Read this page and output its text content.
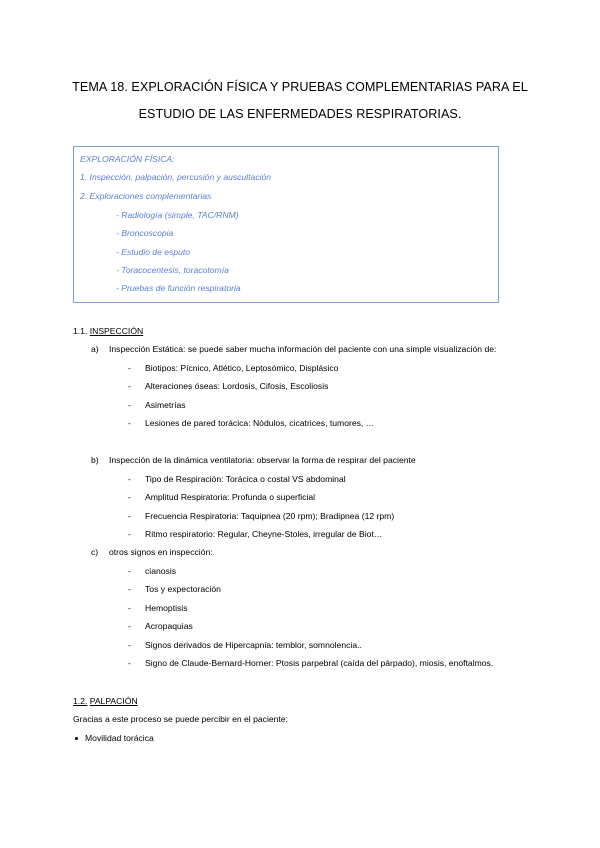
TEMA 18. EXPLORACIÓN FÍSICA Y PRUEBAS COMPLEMENTARIAS PARA EL
ESTUDIO DE LAS ENFERMEDADES RESPIRATORIAS.
EXPLORACIÓN FÍSICA:
1. Inspección, palpación, percusión y auscultación
2. Exploraciones complementarias
- Radiología (simple, TAC/RNM)
- Broncoscopia
- Estudio de esputo
- Toracocentesis, toracotomía
- Pruebas de función respiratoria
1.1. INSPECCIÓN
a) Inspección Estática: se puede saber mucha información del paciente con una simple visualización de:
- Biotipos: Pícnico, Atlético, Leptosómico, Displásico
- Alteraciones óseas: Lordosis, Cifosis, Escoliosis
- Asimetrías
- Lesiones de pared torácica: Nódulos, cicatrices, tumores, …
b) Inspección de la dinámica ventilatoria: observar la forma de respirar del paciente
- Tipo de Respiración: Torácica o costal VS abdominal
- Amplitud Respiratoria: Profunda o superficial
- Frecuencia Respiratoria: Taquipnea (20 rpm); Bradipnea (12 rpm)
- Ritmo respiratorio: Regular, Cheyne-Stoles, irregular de Biot…
c) otros signos en inspección:
- cianosis
- Tos y expectoración
- Hemoptisis
- Acropaquias
- Signos derivados de Hipercapnia: temblor, somnolencia..
- Signo de Claude-Bernard-Horner: Ptosis parpebral (caída del párpado), miosis, enoftalmos.
1.2. PALPACIÓN
Gracias a este proceso se puede percibir en el paciente:
Movilidad torácica
